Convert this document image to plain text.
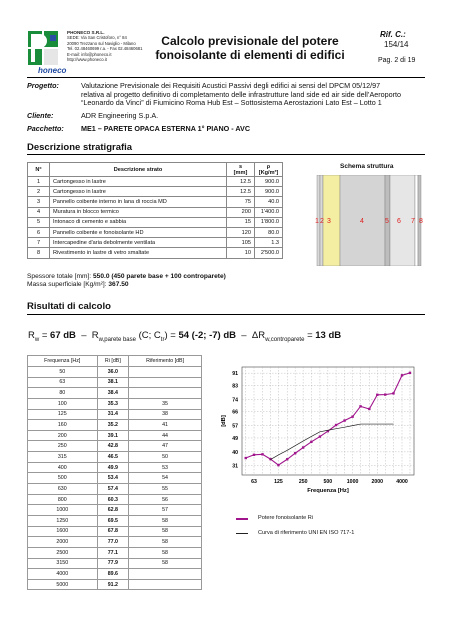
honeco
PHONECO S.R.L.
SEDE: Via San Cristoforo, n° 84
20090 Trezzano sul Naviglio - Milano
Tel. 02.48460699 r.a. - Fax 02.48460681
E-mail: info@phoneco.it
http://www.phoneco.it
Calcolo previsionale del potere
fonoisolante di elementi di edifici
Rif. C.:
154/14
Pag. 2 di 19
Progetto:	Valutazione Previsionale dei Requisiti Acustici Passivi degli edifici ai sensi del DPCM 05/12/97
relativa al progetto definitivo di completamento delle infrastrutture land side ed air side dell’Aeroporto
“Leonardo da Vinci” di Fiumicino Roma Hub Est – Sottosistema Aerostazioni Lato Est – Lotto 1
Cliente:	ADR Engineering S.p.A.
Pacchetto: ME1 – PARETE OPACA ESTERNA 1° PIANO - AVC
Descrizione stratigrafia
N°	Descrizione strato	s
[mm]	ρ
[Kg/m³]

1	Cartongesso in lastre	12.5	900.0
2	Cartongesso in lastre	12.5	900.0
3	Pannello coibente interno in lana di roccia MD	75	40.0
4	Muratura in blocco termico	200	1'400.0
5	Intonaco di cemento e sabbia	15	1'800.0
6	Pannello coibente e fonoisolante HD	120	80.0
7	Intercapedine d'aria debolmente ventilata	105	1.3
8	Rivestimento in lastre di vetro smaltate	10	2'500.0
Schema struttura
1 2 3	4	5 6 7 8
Spessore totale [mm]: 550.0 (450 parete base + 100 controparete)
Massa superficiale [Kg/m²]: 367.50
Risultati di calcolo
$R_w = 67$ dB  –  $R_{w,parete base}$ (C; $C_{tr}) = 54$ (-2; -7) dB  –  $\Delta R_{w,controparete} = 13$ dB
Frequenza [Hz]	Ri [dB]	Riferimento [dB]
50	36.0	
63	38.1	
80	38.4	
100	35.3	35
125	31.4	38
160	35.2	41
200	39.1	44
250	42.8	47
315	46.5	50
400	49.9	53
500	53.4	54
630	57.4	55
800	60.3	56
1000	62.8	57
1250	69.5	58
1600	67.8	58
2000	77.0	58
2500	77.1	58
3150	77.9	58
4000	89.6	
5000	91.2	
31
40
49
57
66
74
83
91
63	125	250	500	1000	2000	4000
Frequenza [Hz]
[dB]
Potere fonoisolante Ri
Curva di riferimento UNI EN ISO 717-1
